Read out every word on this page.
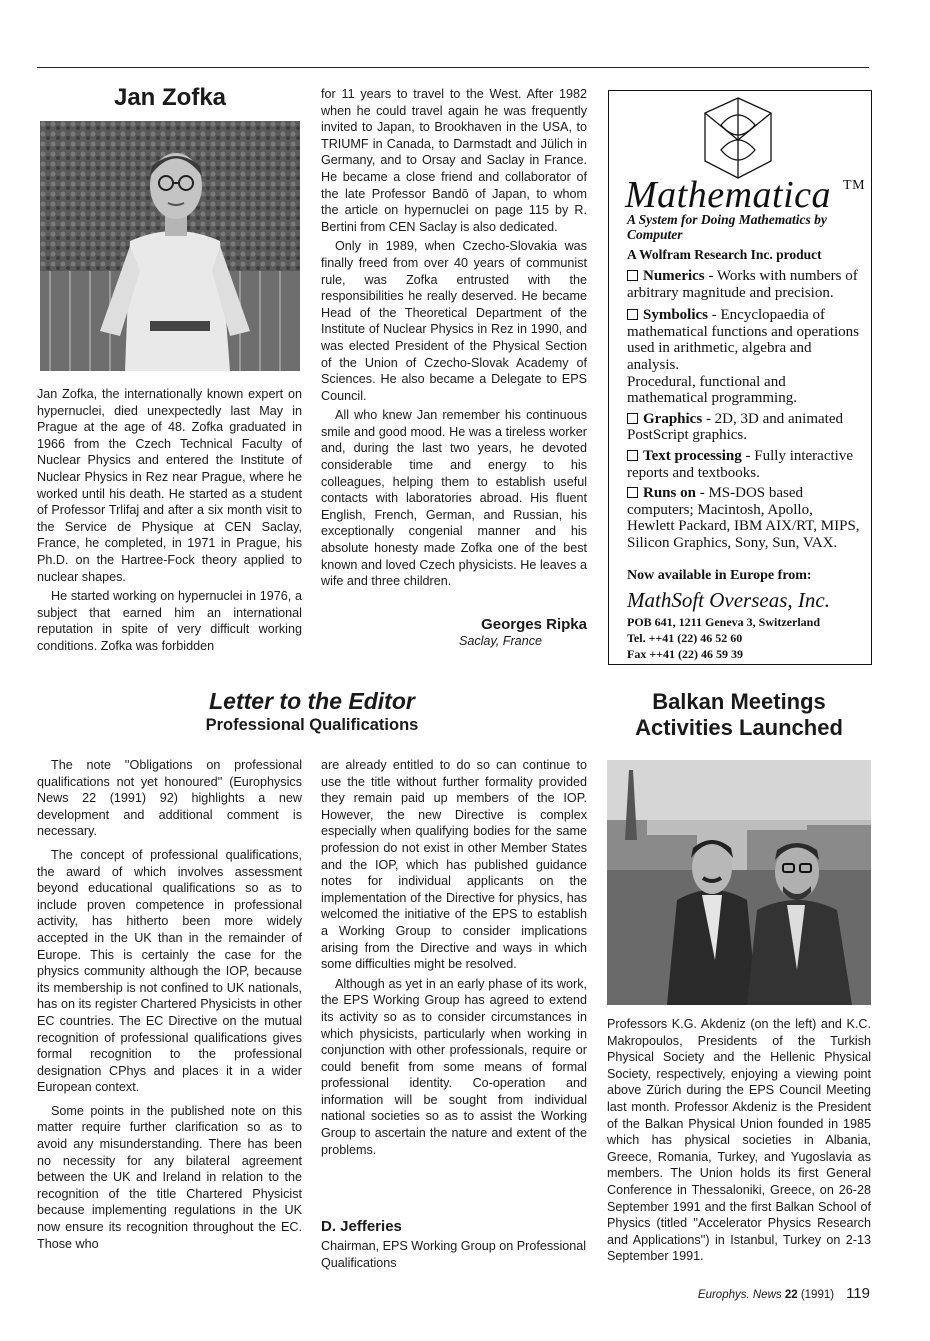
Jan Zofka

Jan Zofka, the internationally known expert on hypernuclei, died unexpectedly last May in Prague at the age of 48. Zofka graduated in 1966 from the Czech Technical Faculty of Nuclear Physics and entered the Institute of Nuclear Physics in Rez near Prague, where he worked until his death. He started as a student of Professor Trlifaj and after a six month visit to the Service de Physique at CEN Saclay, France, he completed, in 1971 in Prague, his Ph.D. on the Hartree-Fock theory applied to nuclear shapes.

He started working on hypernuclei in 1976, a subject that earned him an international reputation in spite of very difficult working conditions. Zofka was forbidden

for 11 years to travel to the West. After 1982 when he could travel again he was frequently invited to Japan, to Brookhaven in the USA, to TRIUMF in Canada, to Darmstadt and Jülich in Germany, and to Orsay and Saclay in France. He became a close friend and collaborator of the late Professor Bandō of Japan, to whom the article on hypernuclei on page 115 by R. Bertini from CEN Saclay is also dedicated.

Only in 1989, when Czecho-Slovakia was finally freed from over 40 years of communist rule, was Zofka entrusted with the responsibilities he really deserved. He became Head of the Theoretical Department of the Institute of Nuclear Physics in Rez in 1990, and was elected President of the Physical Section of the Union of Czecho-Slovak Academy of Sciences. He also became a Delegate to EPS Council.

All who knew Jan remember his continuous smile and good mood. He was a tireless worker and, during the last two years, he devoted considerable time and energy to his colleagues, helping them to establish useful contacts with laboratories abroad. His fluent English, French, German, and Russian, his exceptionally congenial manner and his absolute honesty made Zofka one of the best known and loved Czech physicists. He leaves a wife and three children.

Georges Ripka
Saclay, France
Mathematica ™
A System for Doing Mathematics by Computer
A Wolfram Research Inc. product
Numerics - Works with numbers of arbitrary magnitude and precision.
Symbolics - Encyclopaedia of mathematical functions and operations used in arithmetic, algebra and analysis.
Procedural, functional and mathematical programming.
Graphics - 2D, 3D and animated PostScript graphics.
Text processing - Fully interactive reports and textbooks.
Runs on - MS-DOS based computers; Macintosh, Apollo, Hewlett Packard, IBM AIX/RT, MIPS, Silicon Graphics, Sony, Sun, VAX.
Now available in Europe from:
MathSoft Overseas, Inc.
POB 641, 1211 Geneva 3, Switzerland
Tel. ++41 (22) 46 52 60
Fax ++41 (22) 46 59 39
Letter to the Editor
Professional Qualifications

The note ''Obligations on professional qualifications not yet honoured'' (Europhysics News 22 (1991) 92) highlights a new development and additional comment is necessary.

The concept of professional qualifications, the award of which involves assessment beyond educational qualifications so as to include proven competence in professional activity, has hitherto been more widely accepted in the UK than in the remainder of Europe. This is certainly the case for the physics community although the IOP, because its membership is not confined to UK nationals, has on its register Chartered Physicists in other EC countries. The EC Directive on the mutual recognition of professional qualifications gives formal recognition to the professional designation CPhys and places it in a wider European context.

Some points in the published note on this matter require further clarification so as to avoid any misunderstanding. There has been no necessity for any bilateral agreement between the UK and Ireland in relation to the recognition of the title Chartered Physicist because implementing regulations in the UK now ensure its recognition throughout the EC. Those who

are already entitled to do so can continue to use the title without further formality provided they remain paid up members of the IOP. However, the new Directive is complex especially when qualifying bodies for the same profession do not exist in other Member States and the IOP, which has published guidance notes for individual applicants on the implementation of the Directive for physics, has welcomed the initiative of the EPS to establish a Working Group to consider implications arising from the Directive and ways in which some difficulties might be resolved.

Although as yet in an early phase of its work, the EPS Working Group has agreed to extend its activity so as to consider circumstances in which physicists, particularly when working in conjunction with other professionals, require or could benefit from some means of formal professional identity. Co-operation and information will be sought from individual national societies so as to assist the Working Group to ascertain the nature and extent of the problems.

D. Jefferies
Chairman, EPS Working Group on Professional Qualifications
Balkan Meetings
Activities Launched

Professors K.G. Akdeniz (on the left) and K.C. Makropoulos, Presidents of the Turkish Physical Society and the Hellenic Physical Society, respectively, enjoying a viewing point above Zürich during the EPS Council Meeting last month. Professor Akdeniz is the President of the Balkan Physical Union founded in 1985 which has physical societies in Albania, Greece, Romania, Turkey, and Yugoslavia as members. The Union holds its first General Conference in Thessaloniki, Greece, on 26-28 September 1991 and the first Balkan School of Physics (titled ''Accelerator Physics Research and Applications'') in Istanbul, Turkey on 2-13 September 1991.

Europhys. News 22 (1991) 119
